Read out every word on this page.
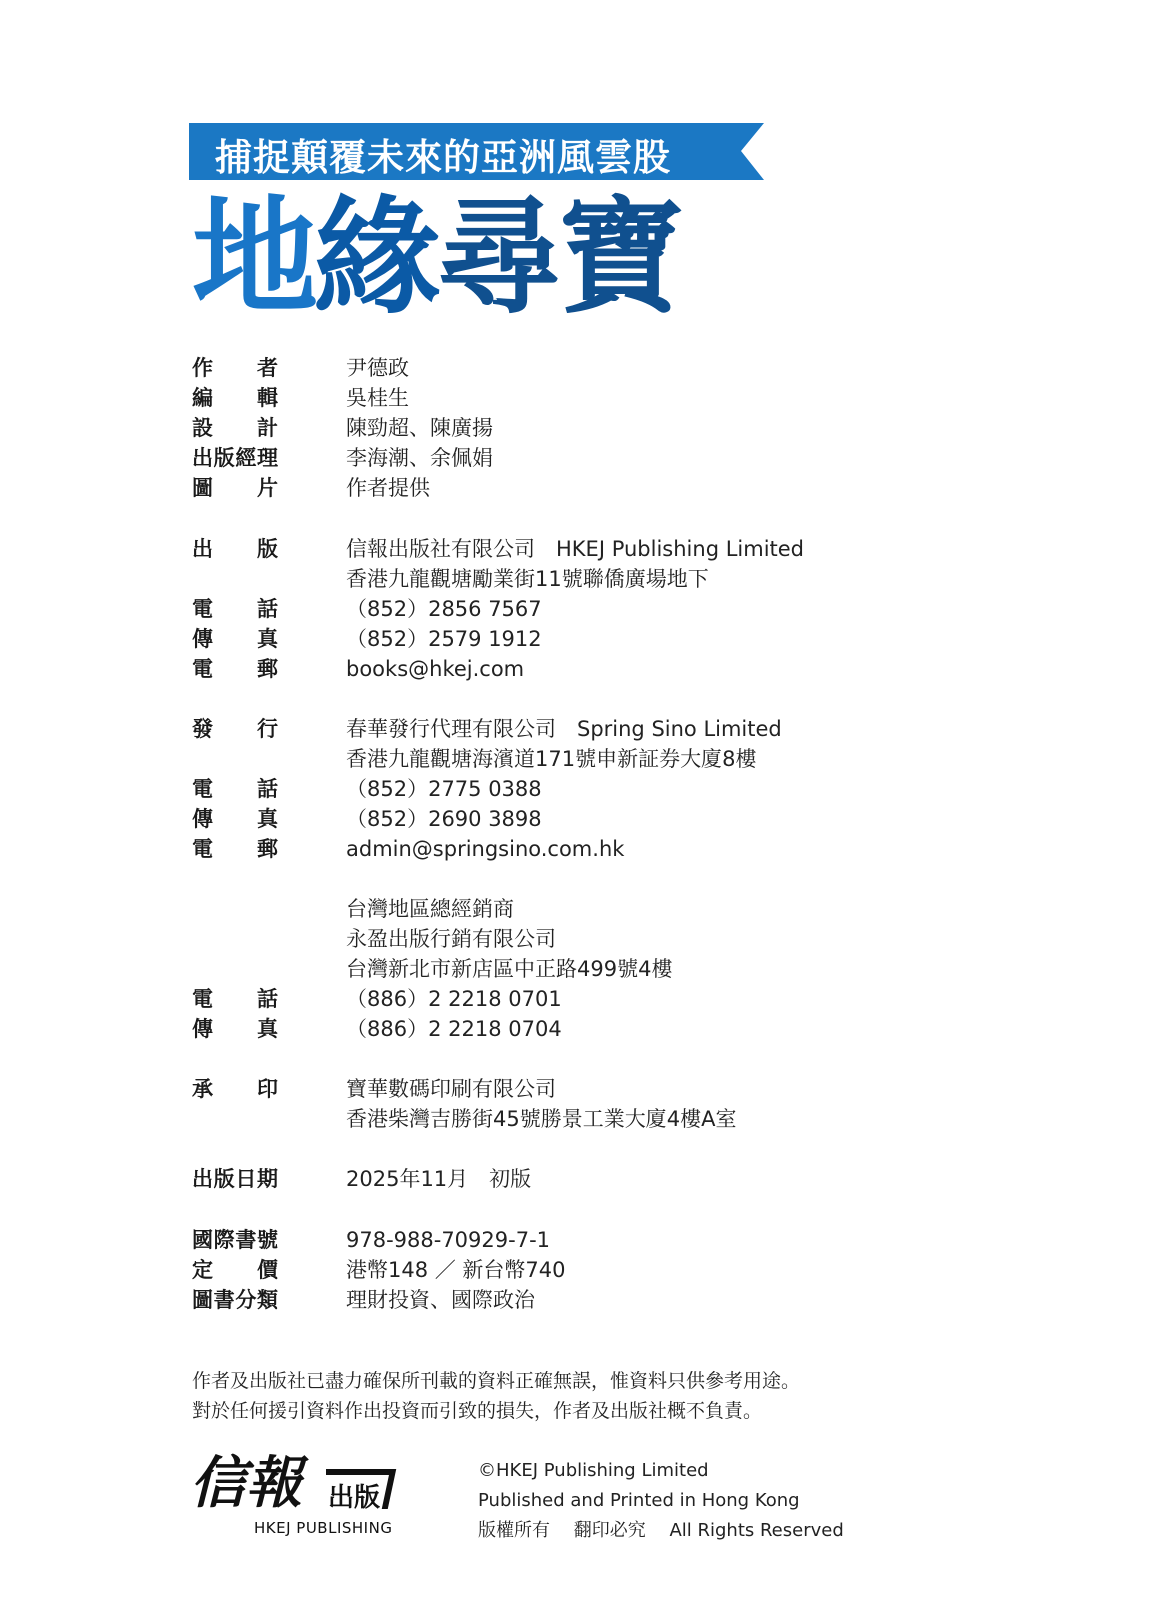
捕捉顛覆未來的亞洲風雲股
地緣尋寶
作 者	尹德政
編 輯	吳桂生
設 計	陳勁超、陳廣揚
出 版 經 理	李海潮、余佩娟
圖 片	作者提供
出 版	信報出版社有限公司　HKEJ Publishing Limited
香港九龍觀塘勵業街11號聯僑廣場地下
電 話	（852）2856 7567
傳 真	（852）2579 1912
電 郵	books@hkej.com
發 行	春華發行代理有限公司　Spring Sino Limited
香港九龍觀塘海濱道171號申新証券大廈8樓
電 話	（852）2775 0388
傳 真	（852）2690 3898
電 郵	admin@springsino.com.hk
台灣地區總經銷商
永盈出版行銷有限公司
台灣新北市新店區中正路499號4樓
電 話	（886）2 2218 0701
傳 真	（886）2 2218 0704
承 印	寶華數碼印刷有限公司
香港柴灣吉勝街45號勝景工業大廈4樓A室
出 版 日 期	2025年11月　初版
國 際 書 號	978-988-70929-7-1
定 價	港幣148 ／ 新台幣740
圖 書 分 類	理財投資、國際政治
作者及出版社已盡力確保所刊載的資料正確無誤，惟資料只供參考用途。
對於任何援引資料作出投資而引致的損失，作者及出版社概不負責。
信報 出版
HKEJ PUBLISHING
©HKEJ Publishing Limited
Published and Printed in Hong Kong
版權所有　 翻印必究 　All Rights Reserved
